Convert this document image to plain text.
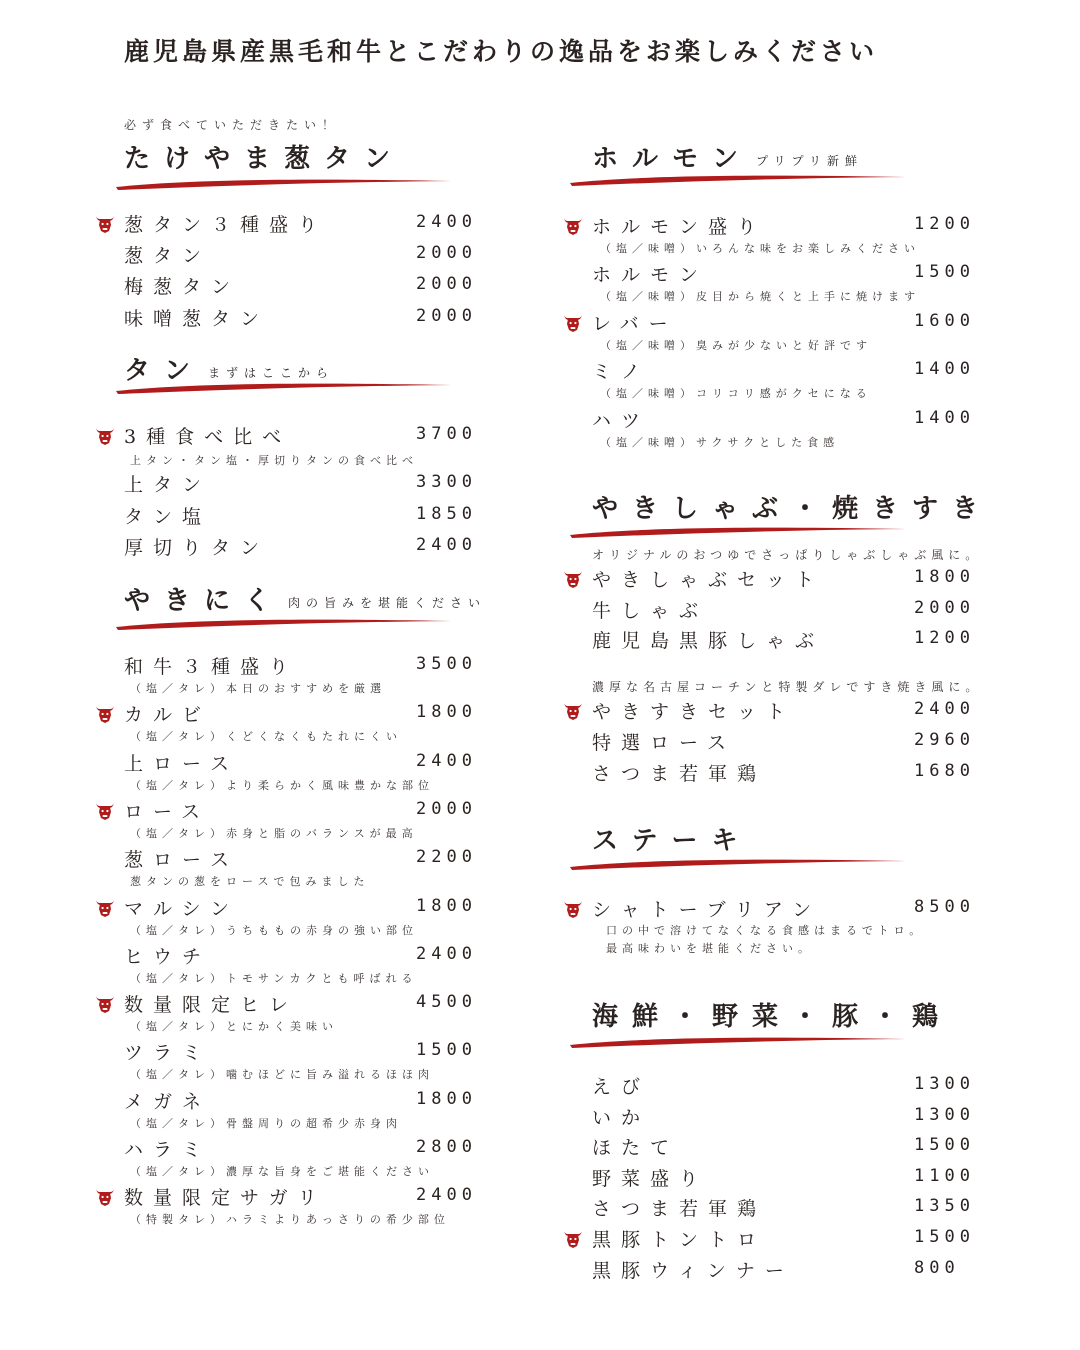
鹿児島県産黒毛和牛とこだわりの逸品をお楽しみください
必ず食べていただきたい！
たけやま葱タン
葱タン３種盛り	2400
葱タン	2000
梅葱タン	2000
味噌葱タン	2000
タン まずはここから
3種食べ比べ	3700
上タン・タン塩・厚切りタンの食べ比べ
上タン	3300
タン塩	1850
厚切りタン	2400
やきにく 肉の旨みを堪能ください
和牛３種盛り	3500
（塩／タレ）本日のおすすめを厳選
カルビ	1800
（塩／タレ）くどくなくもたれにくい
上ロース	2400
（塩／タレ）より柔らかく風味豊かな部位
ロース	2000
（塩／タレ）赤身と脂のバランスが最高
葱ロース	2200
葱タンの葱をロースで包みました
マルシン	1800
（塩／タレ）うちももの赤身の強い部位
ヒウチ	2400
（塩／タレ）トモサンカクとも呼ばれる
数量限定ヒレ	4500
（塩／タレ）とにかく美味い
ツラミ	1500
（塩／タレ）噛むほどに旨み溢れるほほ肉
メガネ	1800
（塩／タレ）骨盤周りの超希少赤身肉
ハラミ	2800
（塩／タレ）濃厚な旨身をご堪能ください
数量限定サガリ	2400
（特製タレ）ハラミよりあっさりの希少部位
ホルモン プリプリ新鮮
ホルモン盛り	1200
（塩／味噌）いろんな味をお楽しみください
ホルモン	1500
（塩／味噌）皮目から焼くと上手に焼けます
レバー	1600
（塩／味噌）臭みが少ないと好評です
ミノ	1400
（塩／味噌）コリコリ感がクセになる
ハツ	1400
（塩／味噌）サクサクとした食感
やきしゃぶ・焼きすき
オリジナルのおつゆでさっぱりしゃぶしゃぶ風に。
やきしゃぶセット	1800
牛しゃぶ	2000
鹿児島黒豚しゃぶ	1200
濃厚な名古屋コーチンと特製ダレですき焼き風に。
やきすきセット	2400
特選ロース	2960
さつま若軍鶏	1680
ステーキ
シャトーブリアン	8500
口の中で溶けてなくなる食感はまるでトロ。
最高味わいを堪能ください。
海鮮・野菜・豚・鶏
えび	1300
いか	1300
ほたて	1500
野菜盛り	1100
さつま若軍鶏	1350
黒豚トントロ	1500
黒豚ウィンナー	800
